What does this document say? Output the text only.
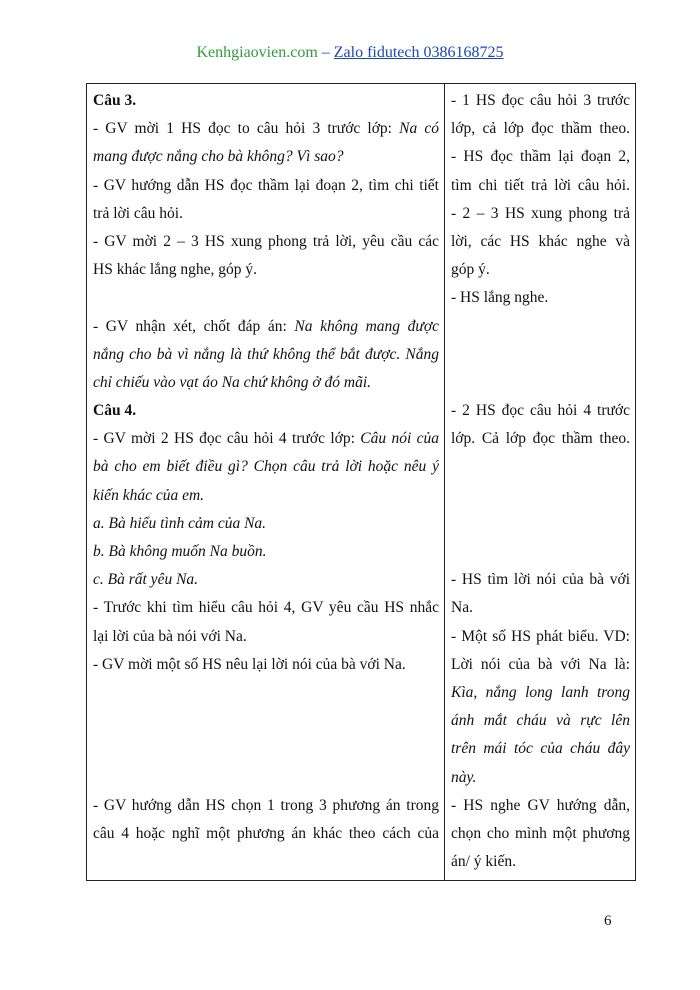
Kenhgiaovien.com – Zalo fidutech 0386168725
Câu 3.
- GV mời 1 HS đọc to câu hỏi 3 trước lớp: Na có
mang được nắng cho bà không? Vì sao?
- GV hướng dẫn HS đọc thầm lại đoạn 2, tìm chi tiết
trả lời câu hỏi.
- GV mời 2 – 3 HS xung phong trả lời, yêu cầu các
HS khác lắng nghe, góp ý.
- GV nhận xét, chốt đáp án: Na không mang được
nắng cho bà vì nắng là thứ không thể bắt được. Nắng
chỉ chiếu vào vạt áo Na chứ không ở đó mãi.
Câu 4.
- GV mời 2 HS đọc câu hỏi 4 trước lớp: Câu nói của
bà cho em biết điều gì? Chọn câu trả lời hoặc nêu ý
kiến khác của em.
a. Bà hiểu tình cảm của Na.
b. Bà không muốn Na buồn.
c. Bà rất yêu Na.
- Trước khi tìm hiểu câu hỏi 4, GV yêu cầu HS nhắc
lại lời của bà nói với Na.
- GV mời một số HS nêu lại lời nói của bà với Na.
- GV hướng dẫn HS chọn 1 trong 3 phương án trong
câu 4 hoặc nghĩ một phương án khác theo cách của
- 1 HS đọc câu hỏi 3 trước
lớp, cả lớp đọc thầm theo.
- HS đọc thầm lại đoạn 2,
tìm chi tiết trả lời câu hỏi.
- 2 – 3 HS xung phong trả
lời, các HS khác nghe và
góp ý.
- HS lắng nghe.
- 2 HS đọc câu hỏi 4 trước
lớp. Cả lớp đọc thầm theo.
- HS tìm lời nói của bà với
Na.
- Một số HS phát biểu. VD:
Lời nói của bà với Na là:
Kìa, nắng long lanh trong
ánh mắt cháu và rực lên
trên mái tóc của cháu đây
này.
- HS nghe GV hướng dẫn,
chọn cho mình một phương
án/ ý kiến.
6
